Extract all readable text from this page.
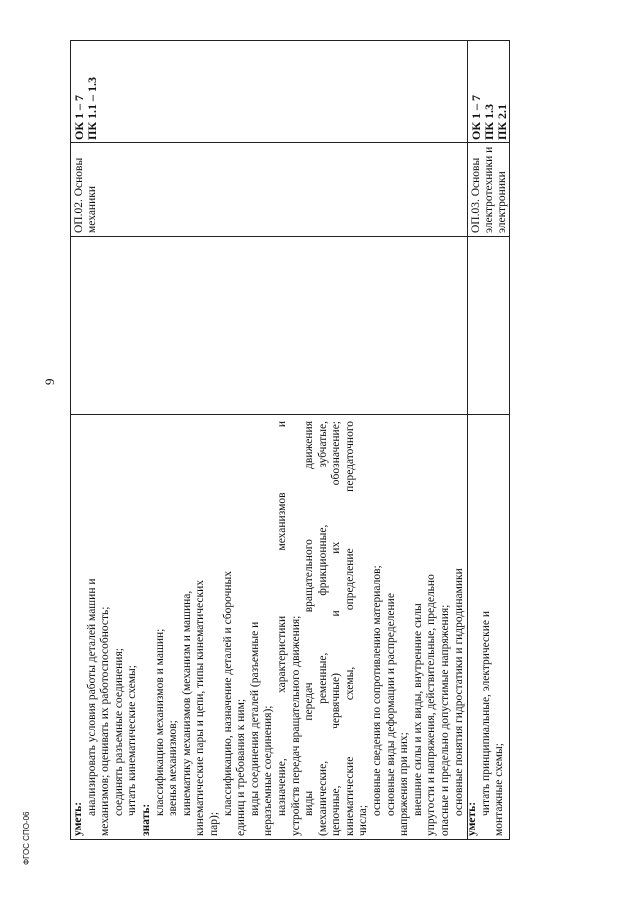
9
ФГОС СПО-06	уметь:
анализировать условия работы деталей машин и механизмов; оценивать их работоспособность; соединять разъемные соединения; читать кинематические схемы;
знать:
классификацию механизмов и машин; звенья механизмов; кинематику механизмов (механизм и машина, кинематические пары и цепи, типы кинематических пар);
классификацию, назначение деталей и сборочных единиц и требования к ним; виды соединения деталей (разъемные и неразъемные соединения); назначение, характеристики механизмов и устройств передач вращательного движения; виды передач вращательного движения (механические, ременные, фрикционные, зубчатые, цепочные, червячные) и их обозначение; кинематические схемы, определение передаточного числа;
основные сведения по сопротивлению материалов; основные виды деформации и распределение напряжения при них; внешние силы и их виды, внутренние силы упругости и напряжения, действительные, предельно опасные и предельно допустимые напряжения; основные понятия гидростатики и гидродинамики
уметь:
читать принципиальные, электрические и монтажные схемы;
ОП.02. Основы механики
ОК 1 – 7 ПК 1.1 – 1.3
ОП.03. Основы электротехники и электроники
ОК 1 – 7 ПК 1.3 ПК 2.1
